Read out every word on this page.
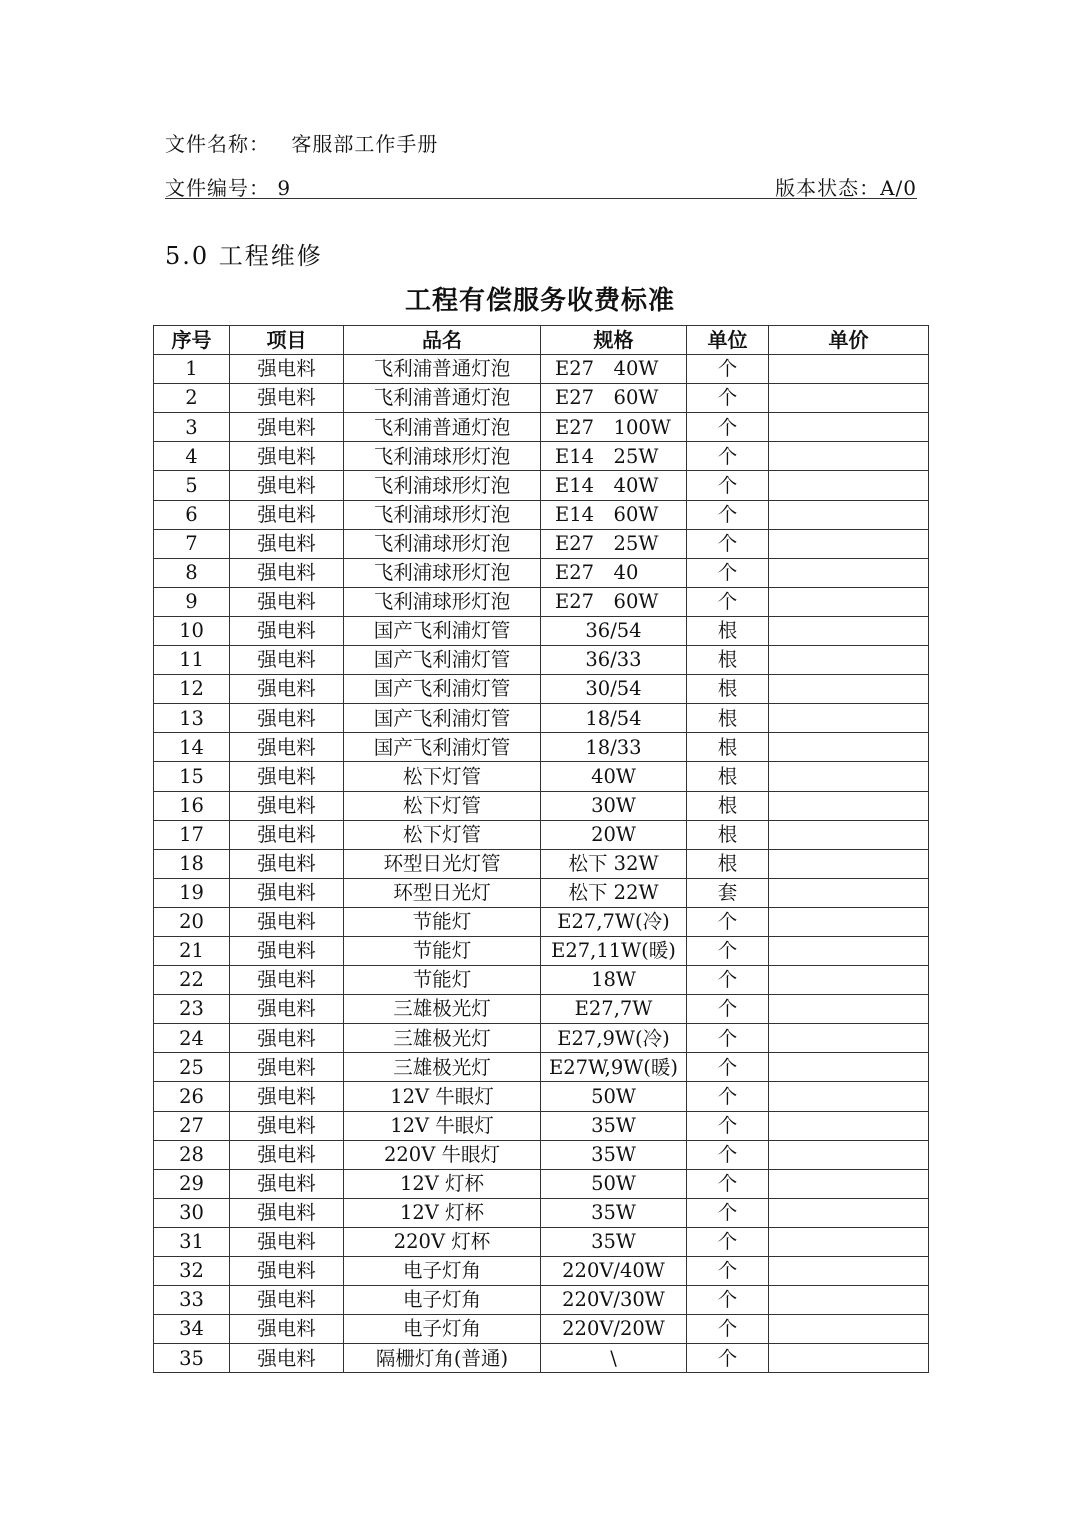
文件名称： 客服部工作手册
文件编号： 9	版本状态：A/0
5.0 工程维修
工程有偿服务收费标准
序号	项目	品名	规格	单位	单价
1	强电料	飞利浦普通灯泡	E27　40W	个	
2	强电料	飞利浦普通灯泡	E27　60W	个	
3	强电料	飞利浦普通灯泡	E27　100W	个	
4	强电料	飞利浦球形灯泡	E14　25W	个	
5	强电料	飞利浦球形灯泡	E14　40W	个	
6	强电料	飞利浦球形灯泡	E14　60W	个	
7	强电料	飞利浦球形灯泡	E27　25W	个	
8	强电料	飞利浦球形灯泡	E27　40	个	
9	强电料	飞利浦球形灯泡	E27　60W	个	
10	强电料	国产飞利浦灯管	36/54	根	
11	强电料	国产飞利浦灯管	36/33	根	
12	强电料	国产飞利浦灯管	30/54	根	
13	强电料	国产飞利浦灯管	18/54	根	
14	强电料	国产飞利浦灯管	18/33	根	
15	强电料	松下灯管	40W	根	
16	强电料	松下灯管	30W	根	
17	强电料	松下灯管	20W	根	
18	强电料	环型日光灯管	松下 32W	根	
19	强电料	环型日光灯	松下 22W	套	
20	强电料	节能灯	E27,7W(冷)	个	
21	强电料	节能灯	E27,11W(暖)	个	
22	强电料	节能灯	18W	个	
23	强电料	三雄极光灯	E27,7W	个	
24	强电料	三雄极光灯	E27,9W(冷)	个	
25	强电料	三雄极光灯	E27W,9W(暖)	个	
26	强电料	12V 牛眼灯	50W	个	
27	强电料	12V 牛眼灯	35W	个	
28	强电料	220V 牛眼灯	35W	个	
29	强电料	12V 灯杯	50W	个	
30	强电料	12V 灯杯	35W	个	
31	强电料	220V 灯杯	35W	个	
32	强电料	电子灯角	220V/40W	个	
33	强电料	电子灯角	220V/30W	个	
34	强电料	电子灯角	220V/20W	个	
35	强电料	隔栅灯角(普通)	\	个	
